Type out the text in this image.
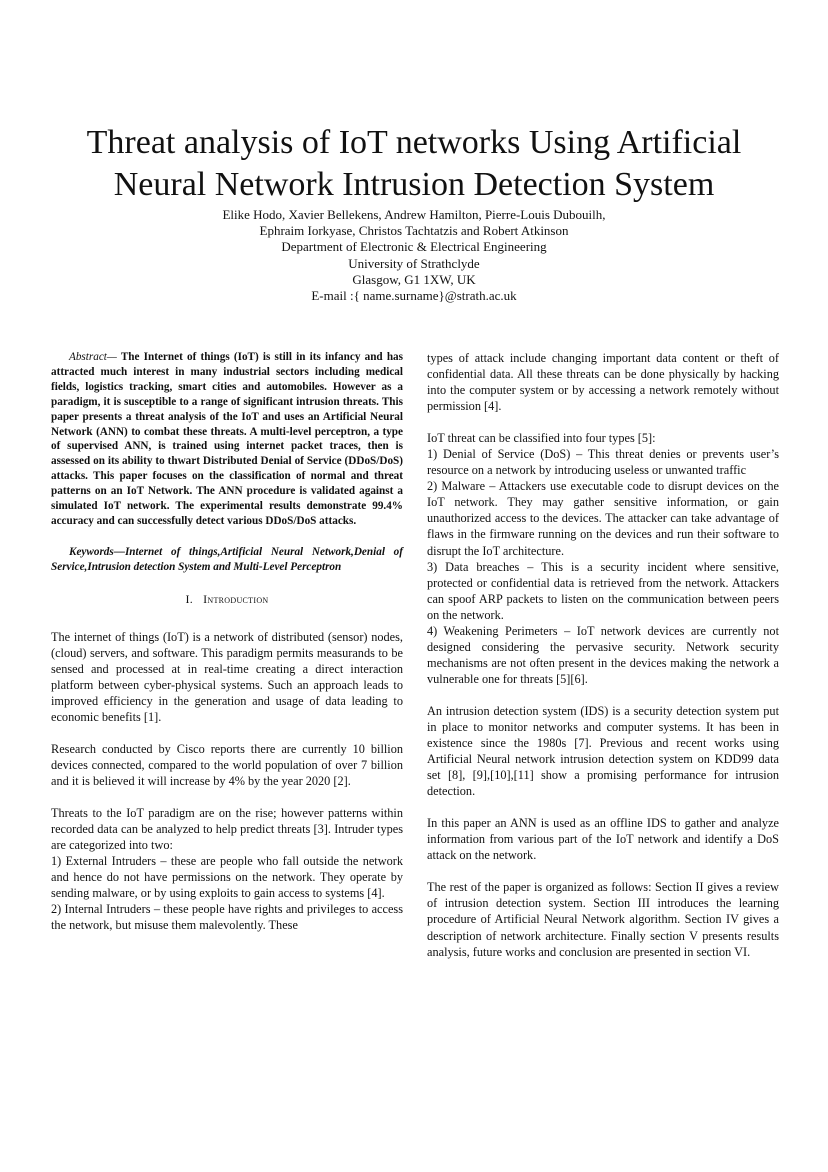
Threat analysis of IoT networks Using Artificial
Neural Network Intrusion Detection System
Elike Hodo, Xavier Bellekens, Andrew Hamilton, Pierre-Louis Dubouilh,
Ephraim Iorkyase, Christos Tachtatzis and Robert Atkinson
Department of Electronic & Electrical Engineering
University of Strathclyde
Glasgow, G1 1XW, UK
E-mail :{ name.surname}@strath.ac.uk

Abstract— The Internet of things (IoT) is still in its infancy and has attracted much interest in many industrial sectors including medical fields, logistics tracking, smart cities and automobiles. However as a paradigm, it is susceptible to a range of significant intrusion threats. This paper presents a threat analysis of the IoT and uses an Artificial Neural Network (ANN) to combat these threats. A multi-level perceptron, a type of supervised ANN, is trained using internet packet traces, then is assessed on its ability to thwart Distributed Denial of Service (DDoS/DoS) attacks. This paper focuses on the classification of normal and threat patterns on an IoT Network. The ANN procedure is validated against a simulated IoT network. The experimental results demonstrate 99.4% accuracy and can successfully detect various DDoS/DoS attacks.

Keywords—Internet of things,Artificial Neural Network,Denial of Service,Intrusion detection System and Multi-Level Perceptron

I. Introduction

The internet of things (IoT) is a network of distributed (sensor) nodes, (cloud) servers, and software. This paradigm permits measurands to be sensed and processed at in real-time creating a direct interaction platform between cyber-physical systems. Such an approach leads to improved efficiency in the generation and usage of data leading to economic benefits [1].

Research conducted by Cisco reports there are currently 10 billion devices connected, compared to the world population of over 7 billion and it is believed it will increase by 4% by the year 2020 [2].

Threats to the IoT paradigm are on the rise; however patterns within recorded data can be analyzed to help predict threats [3]. Intruder types are categorized into two:

1) External Intruders – these are people who fall outside the network and hence do not have permissions on the network. They operate by sending malware, or by using exploits to gain access to systems [4].

2) Internal Intruders – these people have rights and privileges to access the network, but misuse them malevolently. These

types of attack include changing important data content or theft of confidential data. All these threats can be done physically by hacking into the computer system or by accessing a network remotely without permission [4].

IoT threat can be classified into four types [5]:

1) Denial of Service (DoS) – This threat denies or prevents user’s resource on a network by introducing useless or unwanted traffic

2) Malware – Attackers use executable code to disrupt devices on the IoT network. They may gather sensitive information, or gain unauthorized access to the devices. The attacker can take advantage of flaws in the firmware running on the devices and run their software to disrupt the IoT architecture.

3) Data breaches – This is a security incident where sensitive, protected or confidential data is retrieved from the network. Attackers can spoof ARP packets to listen on the communication between peers on the network.

4) Weakening Perimeters – IoT network devices are currently not designed considering the pervasive security. Network security mechanisms are not often present in the devices making the network a vulnerable one for threats [5][6].

An intrusion detection system (IDS) is a security detection system put in place to monitor networks and computer systems. It has been in existence since the 1980s [7]. Previous and recent works using Artificial Neural network intrusion detection system on KDD99 data set [8], [9],[10],[11] show a promising performance for intrusion detection.

In this paper an ANN is used as an offline IDS to gather and analyze information from various part of the IoT network and identify a DoS attack on the network.

The rest of the paper is organized as follows: Section II gives a review of intrusion detection system. Section III introduces the learning procedure of Artificial Neural Network algorithm. Section IV gives a description of network architecture. Finally section V presents results analysis, future works and conclusion are presented in section VI.
